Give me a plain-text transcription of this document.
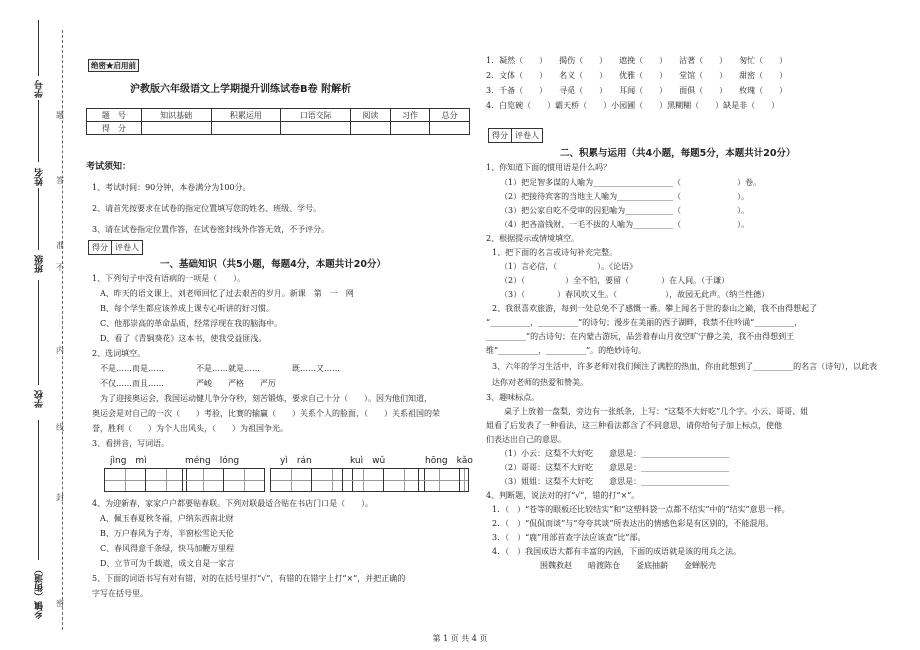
学号
姓名
班级
学校
乡镇（街道）
题
答
准
不
内
线
封
密
绝密★启用前
沪教版六年级语文上学期提升训练试卷B卷 附解析
题　号	知识基础	积累运用	口语交际	阅读	习作	总分
得　分						
考试须知：
1、考试时间：90分钟，本卷满分为100分。
2、请首先按要求在试卷的指定位置填写您的姓名、班级、学号。
3、请在试卷指定位置作答，在试卷密封线外作答无效，不予评分。
得分 评卷人
一、基础知识（共5小题，每题4分，本题共计20分）
1、下列句子中没有语病的一项是（　　）。
A、昨天的语文课上，刘老师回忆了过去艰苦的岁月。新课　第　一　网
B、每个学生都应该养成上课专心听讲的好习惯。
C、他那崇高的革命品质，经常浮现在我的脑海中。
D、看了《青铜葵花》这本书，使我受益匪浅。
2、选词填空。
不是……而是……　　　　不是……就是……　　　　既……又……
不仅……而且……　　　　严峻　　严格　　严厉
为了迎接奥运会，我国运动健儿争分夺秒，刻苦锻炼，要求自己十分（　　）。因为他们知道，
奥运会是对自己的一次（　　）考验，比赛的输赢（　　）关系个人的脸面，（　　）关系祖国的荣
誉，胜利（　　）为个人出风头，（　　）为祖国争光。
3、看拼音，写词语。
jìng　mì	méng　lóng	yì　rán	kuì　wǔ	hōng　kǎo
4、为迎新春，家家户户都要贴春联。下列对联最适合贴在书店门口是（　　）。
A、佩玉春夏秋冬福，户纳东西南北财
B、万户春风为子寿，半窗松雪论天伦
C、春风得意千条绿，快马加鞭万里程
D、立节可为千载道，成文自是一家言
5、下面的词语书写有对有错，对的在括号里打“√”，有错的在错字上打“×”，并把正确的
字写在括号里。
1．凝然（　　）　　揭伤（　　）　　遮挽（　　）　　沽著（　　）　　匆忙（　　）
2．文体（　　）　　名义（　　）　　优雅（　　）　　堂馆（　　）　　甜密（　　）
3．千备（　　）　　寻觅（　　）　　耳闻（　　）　　面俱（　　）　　枚瑰（　　）
4．白览碗（　　）霸天桥（　　）小园圃（　　）黑糊糊（　　）缺是非（　　）
得分 评卷人
二、积累与运用（共4小题，每题5分，本题共计20分）
1、你知道下面的惯用语是什么吗？
（1）把足智多谋的人喻为____________________（　　　　　　　）卷。
（2）把接待宾客的当地主人喻为______________（　　　　　　　）。
（3）把公家自吃不受审的囚犯喻为____________（　　　　　　　）。
（4）把吝啬钱财、一毛不拔的人喻为__________（　　　　　　　）。
2、根据提示或情境填空。
1、把下面的名言或诗句补充完整。
（1）言必信，（　　　　　）。《论语》
（2）（　　　　　）全不怕，要留（　　　　）在人间。（于谦）
（3）（　　　　）春风吹又生。（　　　　　　），故园无此声。（纳兰性德）
2、我很喜欢旅游，每到一处总免不了感慨一番。攀上闻名于世的泰山之巅，我不由得想起了
“__________，__________”的诗句；漫步在美丽的西子湖畔，我禁不住吟诵“__________，
__________”的古诗句；在内蒙古游玩，品尝着春山月夜空旷宁静之美，我不由得想到王
维“__________，__________”。的绝妙诗句。
3、六年的学习生活中，许多老师对我们倾注了满腔的热血，你由此想到了__________的名言（诗句），以此表达你对老师的热爱和赞美。
3、趣味标点。
桌子上放着一盘梨，旁边有一张纸条，上写：“这梨不大好吃”几个字。小云、哥哥、姐
姐看了后发表了一种看法，这三种看法都含了不同意思，请你给句子加上标点，使他
们表达出自己的意思。
（1）小云：这梨不大好吃　　意思是：______________________
（2）哥哥：这梨不大好吃　　意思是：______________________
（3）姐姐：这梨不大好吃　　意思是：______________________
4、判断题，说法对的打“√”，错的打“×”。
1．（　）“苍等的眼板还比较结实”和“这塑料袋一点都不结实”中的“结实”意思一样。
2．（　）“侃侃而谈”与“夸夸其谈”所表达出的情感色彩是有区别的，不能混用。
3．（　）“鹿”用部首查字法应该查“比”部。
4．（　）我国成语大都有丰富的内涵，下面的成语就是该的用兵之法。
围魏救赵　　暗渡陈仓　　釜底抽薪　　金蝉脱壳
第 1 页 共 4 页
